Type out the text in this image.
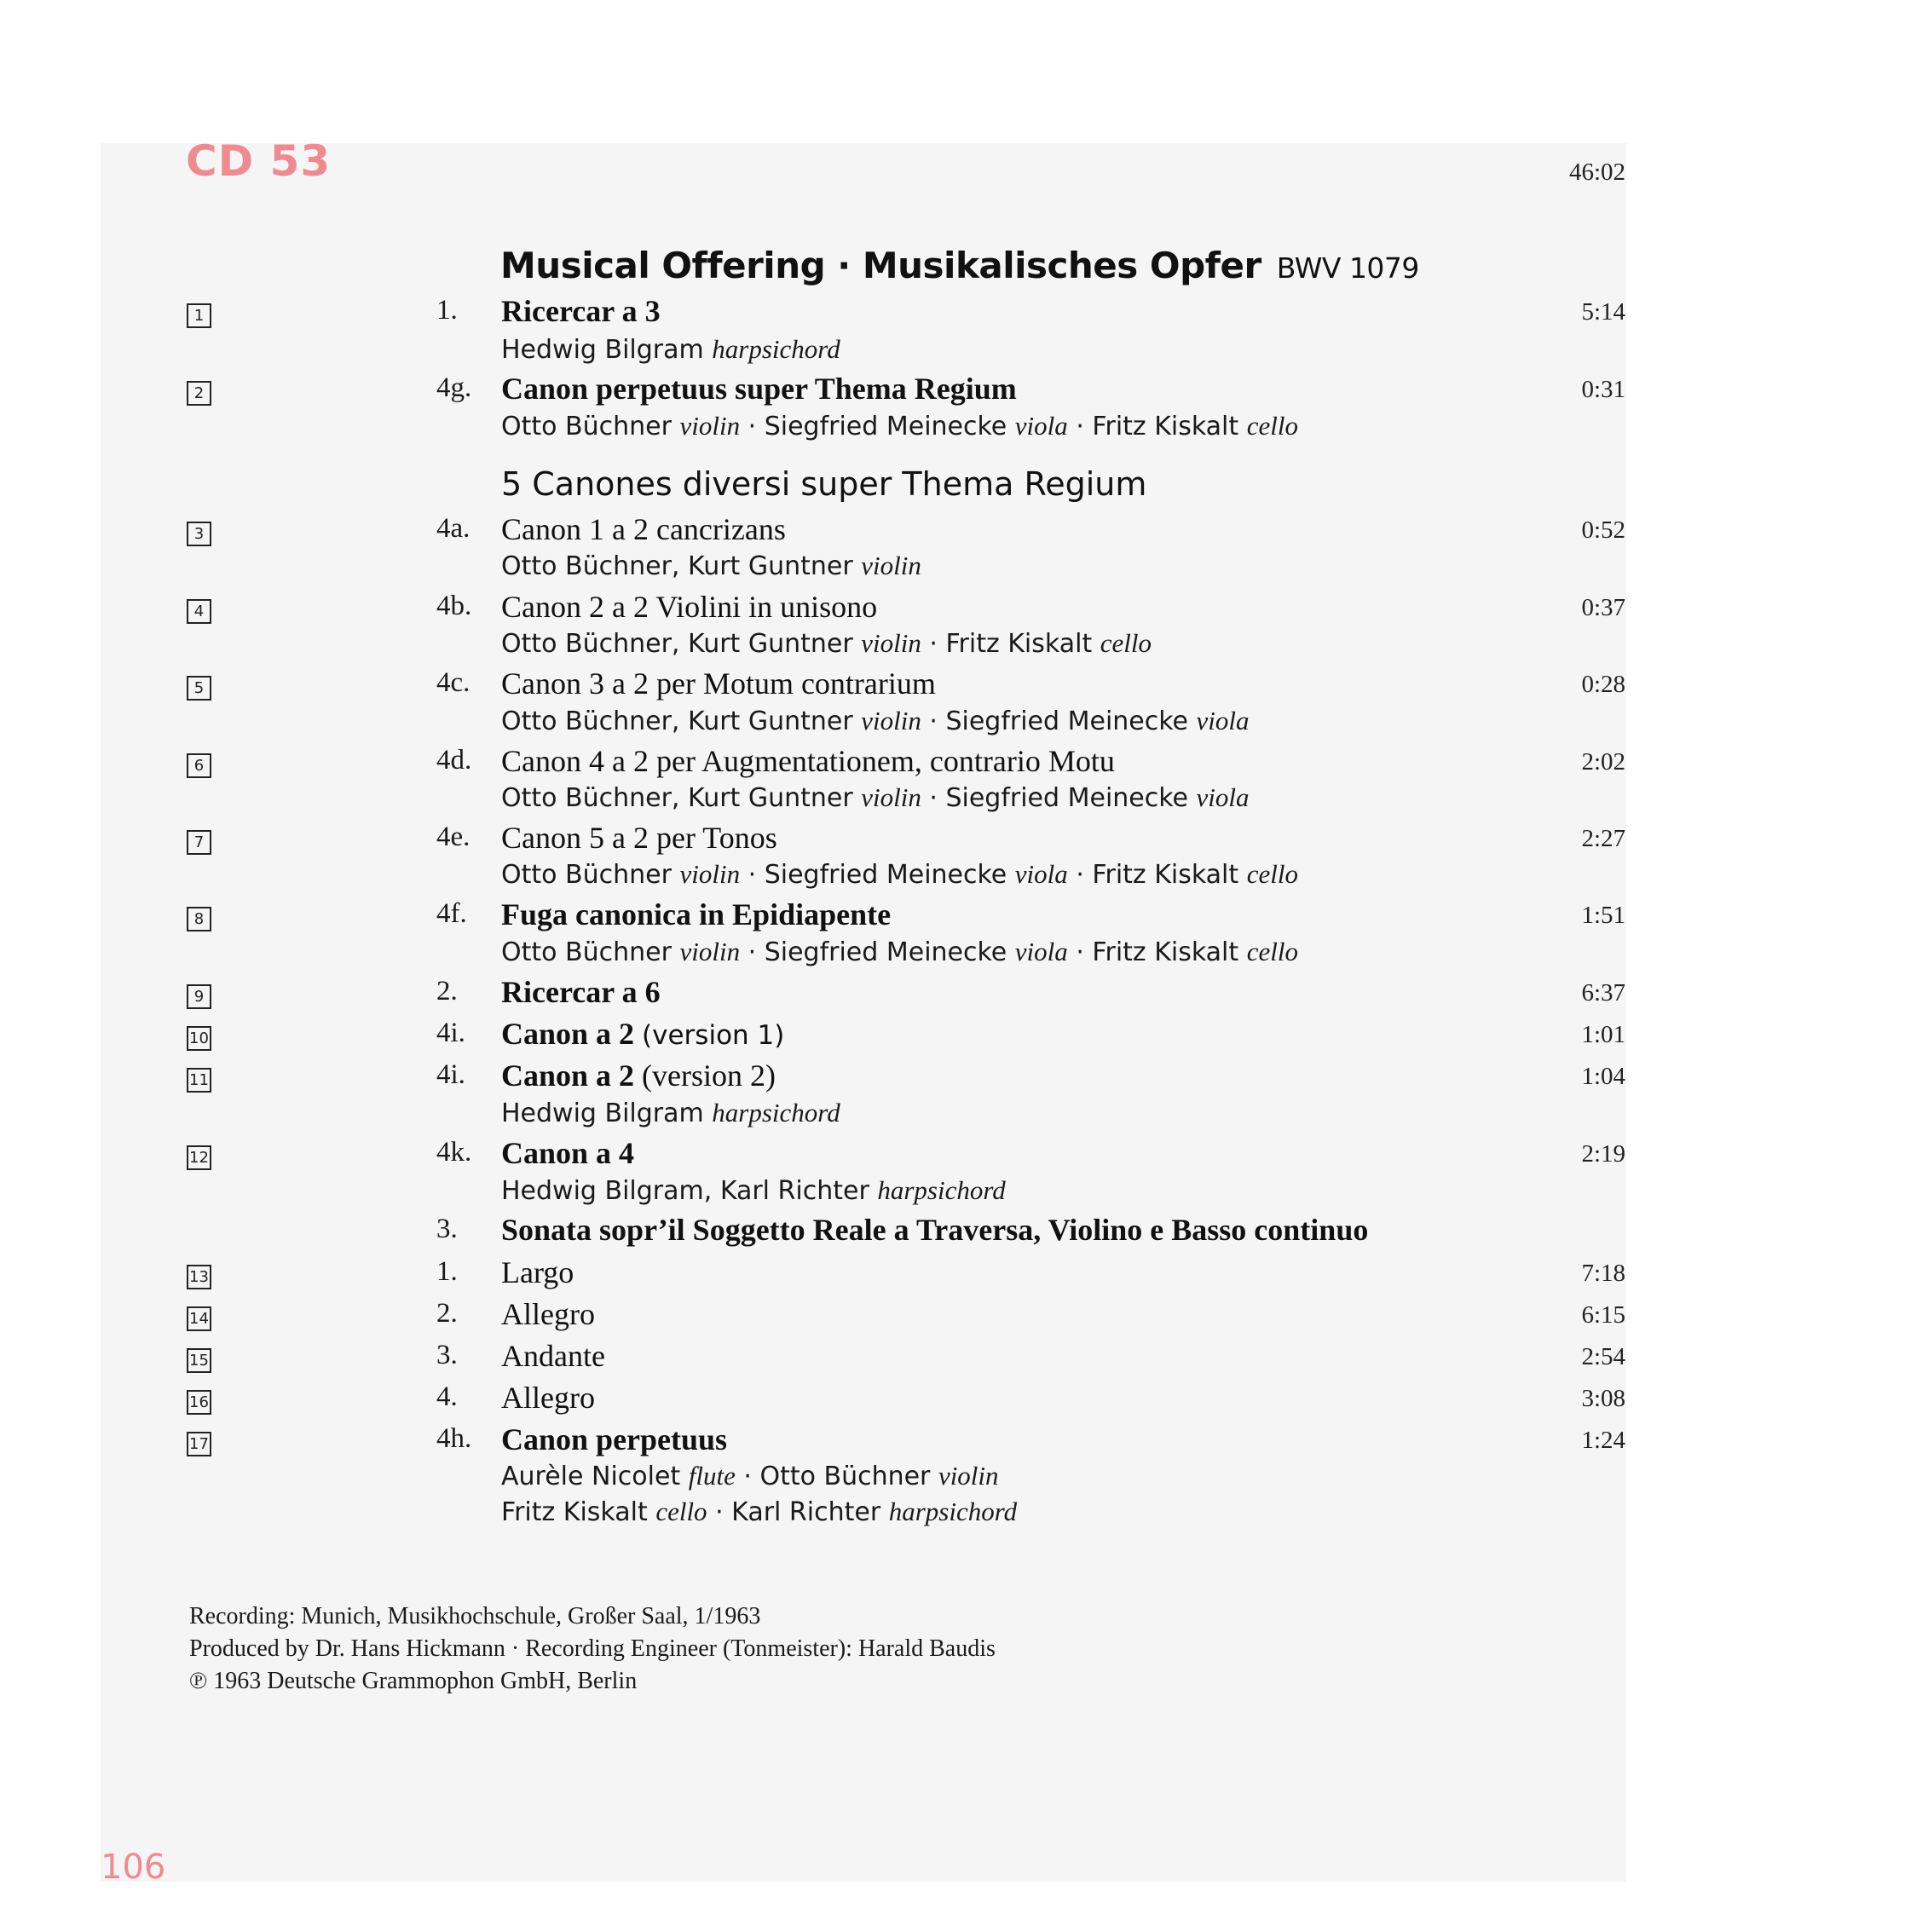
CD 53	46:02
Musical Offering · Musikalisches Opfer BWV 1079
1	1. Ricercar a 3	5:14
Hedwig Bilgram harpsichord
2	4g. Canon perpetuus super Thema Regium	0:31
Otto Büchner violin · Siegfried Meinecke viola · Fritz Kiskalt cello
5 Canones diversi super Thema Regium
3	4a. Canon 1 a 2 cancrizans	0:52
Otto Büchner, Kurt Guntner violin
4	4b. Canon 2 a 2 Violini in unisono	0:37
Otto Büchner, Kurt Guntner violin · Fritz Kiskalt cello
5	4c. Canon 3 a 2 per Motum contrarium	0:28
Otto Büchner, Kurt Guntner violin · Siegfried Meinecke viola
6	4d. Canon 4 a 2 per Augmentationem, contrario Motu	2:02
Otto Büchner, Kurt Guntner violin · Siegfried Meinecke viola
7	4e. Canon 5 a 2 per Tonos	2:27
Otto Büchner violin · Siegfried Meinecke viola · Fritz Kiskalt cello
8	4f. Fuga canonica in Epidiapente	1:51
Otto Büchner violin · Siegfried Meinecke viola · Fritz Kiskalt cello
9	2. Ricercar a 6	6:37
10	4i. Canon a 2 (version 1)	1:01
11	4i. Canon a 2 (version 2)	1:04
Hedwig Bilgram harpsichord
12	4k. Canon a 4	2:19
Hedwig Bilgram, Karl Richter harpsichord
3. Sonata sopr’il Soggetto Reale a Traversa, Violino e Basso continuo
13	1. Largo	7:18
14	2. Allegro	6:15
15	3. Andante	2:54
16	4. Allegro	3:08
17	4h. Canon perpetuus	1:24
Aurèle Nicolet flute · Otto Büchner violin
Fritz Kiskalt cello · Karl Richter harpsichord
Recording: Munich, Musikhochschule, Großer Saal, 1/1963
Produced by Dr. Hans Hickmann · Recording Engineer (Tonmeister): Harald Baudis
℗ 1963 Deutsche Grammophon GmbH, Berlin
106
